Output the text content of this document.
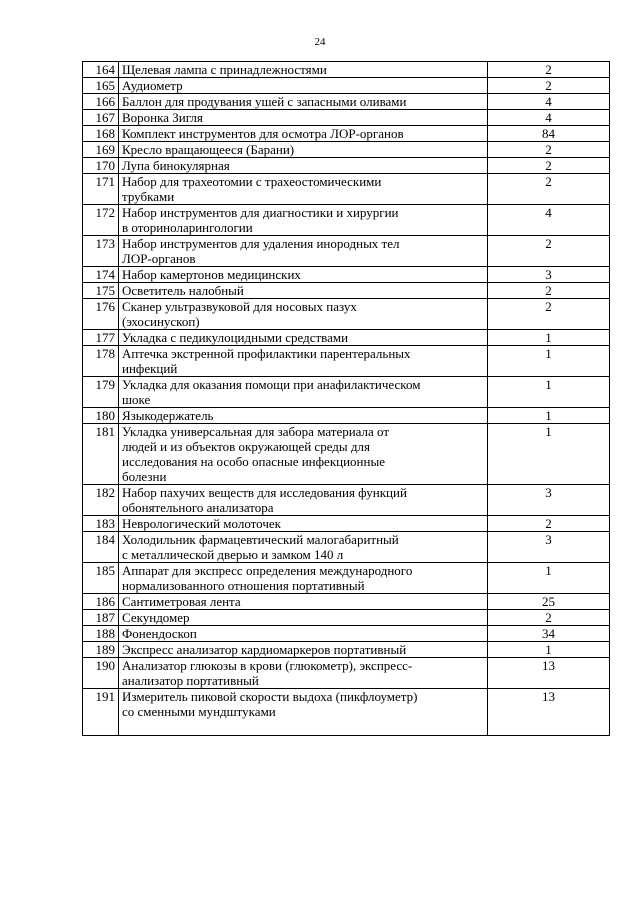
24
164	Щелевая лампа с принадлежностями	2
165	Аудиометр	2
166	Баллон для продувания ушей с запасными оливами	4
167	Воронка Зигля	4
168	Комплект инструментов для осмотра ЛОР-органов	84
169	Кресло вращающееся (Барани)	2
170	Лупа бинокулярная	2
171	Набор для трахеотомии с трахеостомическими
трубками	2
172	Набор инструментов для диагностики и хирургии
в оториноларингологии	4
173	Набор инструментов для удаления инородных тел
ЛОР-органов	2
174	Набор камертонов медицинских	3
175	Осветитель налобный	2
176	Сканер ультразвуковой для носовых пазух
(эхосинускоп)	2
177	Укладка с педикулоцидными средствами	1
178	Аптечка экстренной профилактики парентеральных
инфекций	1
179	Укладка для оказания помощи при анафилактическом
шоке	1
180	Языкодержатель	1
181	Укладка универсальная для забора материала от
людей и из объектов окружающей среды для
исследования на особо опасные инфекционные
болезни	1
182	Набор пахучих веществ для исследования функций
обонятельного анализатора	3
183	Неврологический молоточек	2
184	Холодильник фармацевтический малогабаритный
с металлической дверью и замком 140 л	3
185	Аппарат для экспресс определения международного
нормализованного отношения портативный	1
186	Сантиметровая лента	25
187	Секундомер	2
188	Фонендоскоп	34
189	Экспресс анализатор кардиомаркеров портативный	1
190	Анализатор глюкозы в крови (глюкометр), экспресс-
анализатор портативный	13
191	Измеритель пиковой скорости выдоха (пикфлоуметр)
со сменными мундштуками	13
